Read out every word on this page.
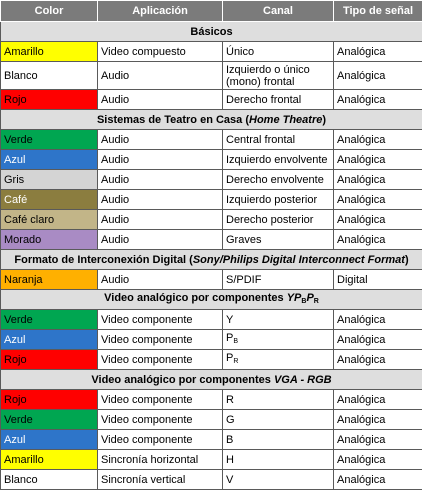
Color	Aplicación	Canal	Tipo de señal
Básicos			
Amarillo	Video compuesto	Único	Analógica
Blanco	Audio	Izquierdo o único (mono) frontal	Analógica
Rojo	Audio	Derecho frontal	Analógica
Sistemas de Teatro en Casa (Home Theatre)			
Verde	Audio	Central frontal	Analógica
Azul	Audio	Izquierdo envolvente	Analógica
Gris	Audio	Derecho envolvente	Analógica
Café	Audio	Izquierdo posterior	Analógica
Café claro	Audio	Derecho posterior	Analógica
Morado	Audio	Graves	Analógica
Formato de Interconexión Digital (Sony/Philips Digital Interconnect Format)			
Naranja	Audio	S/PDIF	Digital
Video analógico por componentes $YP_BP_R$
Verde	Video componente	Y	Analógica
Azul	Video componente	$P_B$	Analógica
Rojo	Video componente	$P_R$	Analógica
Video analógico por componentes VGA - RGB			
Rojo	Video componente	R	Analógica
Verde	Video componente	G	Analógica
Azul	Video componente	B	Analógica
Amarillo	Sincronía horizontal	H	Analógica
Blanco	Sincronía vertical	V	Analógica
